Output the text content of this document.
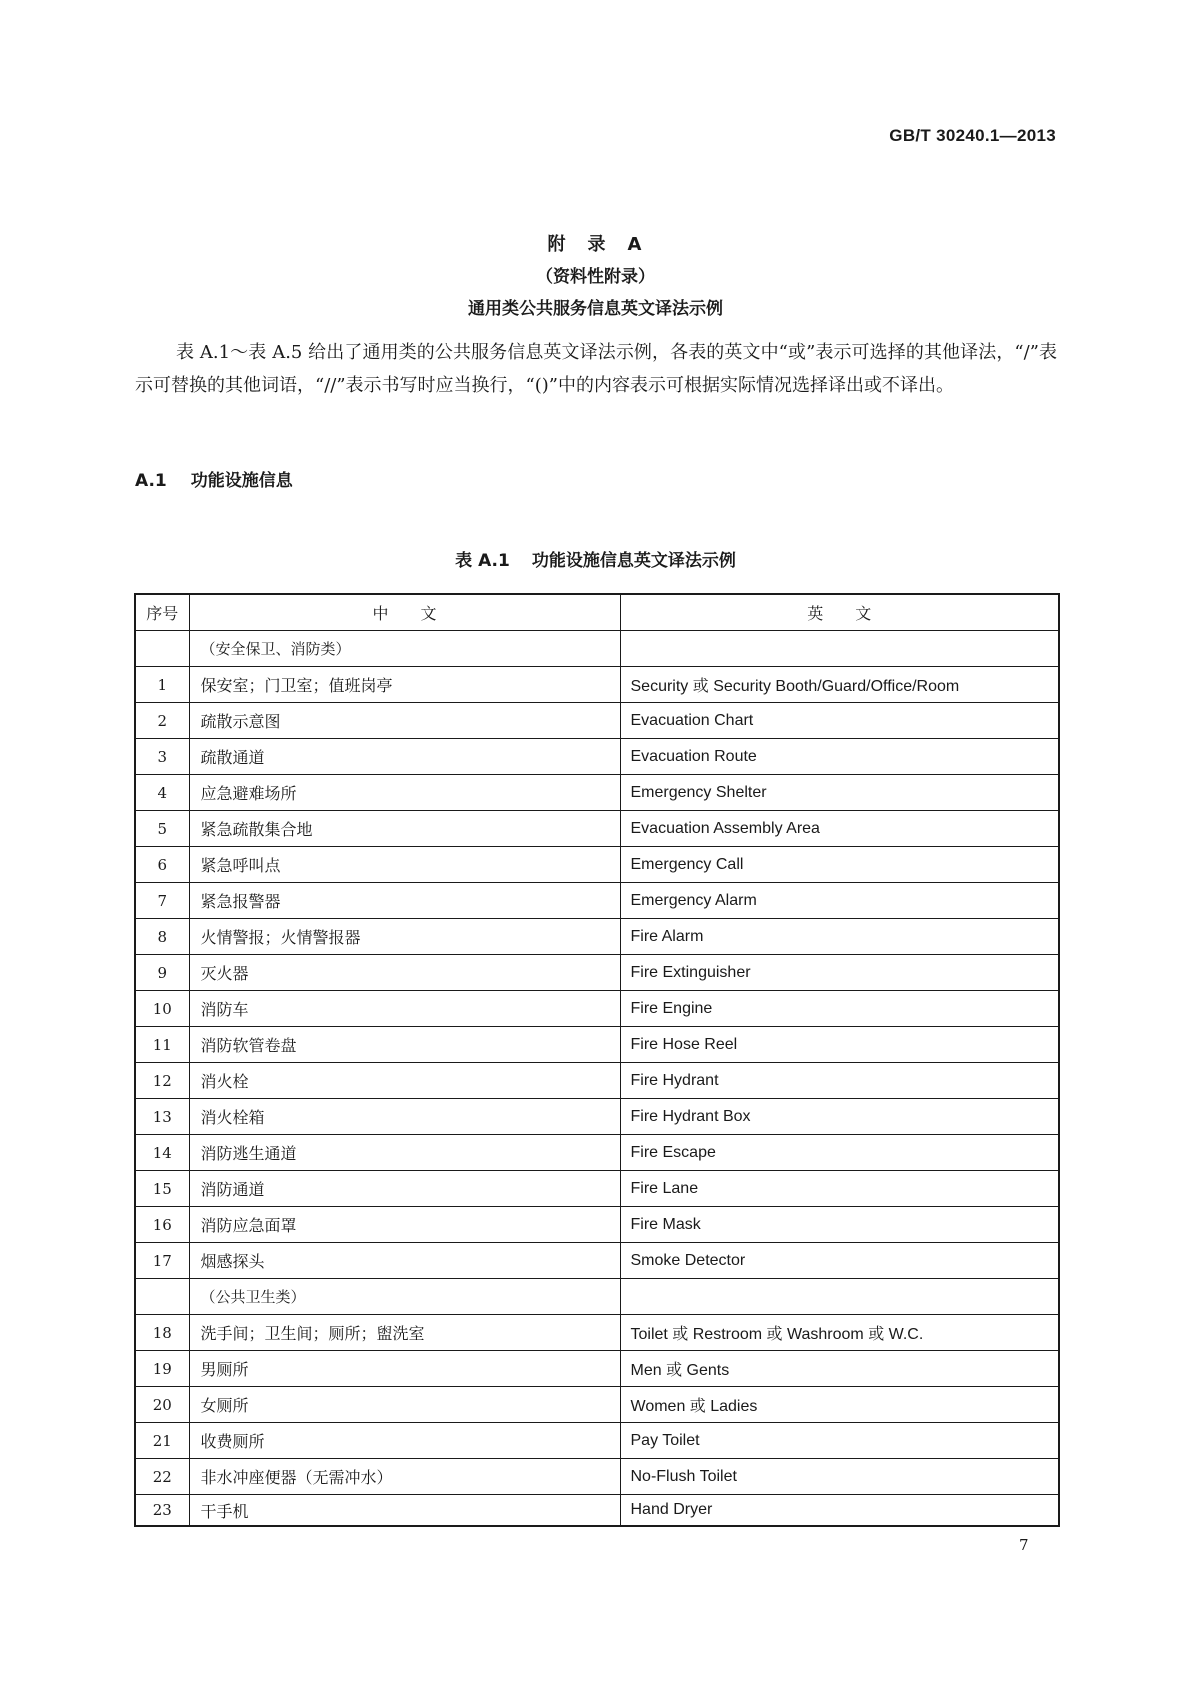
GB/T 30240.1—2013
附　录　A
（资料性附录）
通用类公共服务信息英文译法示例

表 A.1～表 A.5 给出了通用类的公共服务信息英文译法示例，各表的英文中“或”表示可选择的其他译法，“/”表示可替换的其他词语，“//”表示书写时应当换行，“()”中的内容表示可根据实际情况选择译出或不译出。

A.1 功能设施信息
表 A.1 功能设施信息英文译法示例
序号	中　　文	英　　文
	（安全保卫、消防类）	
1	保安室；门卫室；值班岗亭	Security 或 Security Booth/Guard/Office/Room
2	疏散示意图	Evacuation Chart
3	疏散通道	Evacuation Route
4	应急避难场所	Emergency Shelter
5	紧急疏散集合地	Evacuation Assembly Area
6	紧急呼叫点	Emergency Call
7	紧急报警器	Emergency Alarm
8	火情警报；火情警报器	Fire Alarm
9	灭火器	Fire Extinguisher
10	消防车	Fire Engine
11	消防软管卷盘	Fire Hose Reel
12	消火栓	Fire Hydrant
13	消火栓箱	Fire Hydrant Box
14	消防逃生通道	Fire Escape
15	消防通道	Fire Lane
16	消防应急面罩	Fire Mask
17	烟感探头	Smoke Detector
	（公共卫生类）	
18	洗手间；卫生间；厕所；盥洗室	Toilet 或 Restroom 或 Washroom 或 W.C.
19	男厕所	Men 或 Gents
20	女厕所	Women 或 Ladies
21	收费厕所	Pay Toilet
22	非水冲座便器（无需冲水）	No-Flush Toilet
23	干手机	Hand Dryer
7
